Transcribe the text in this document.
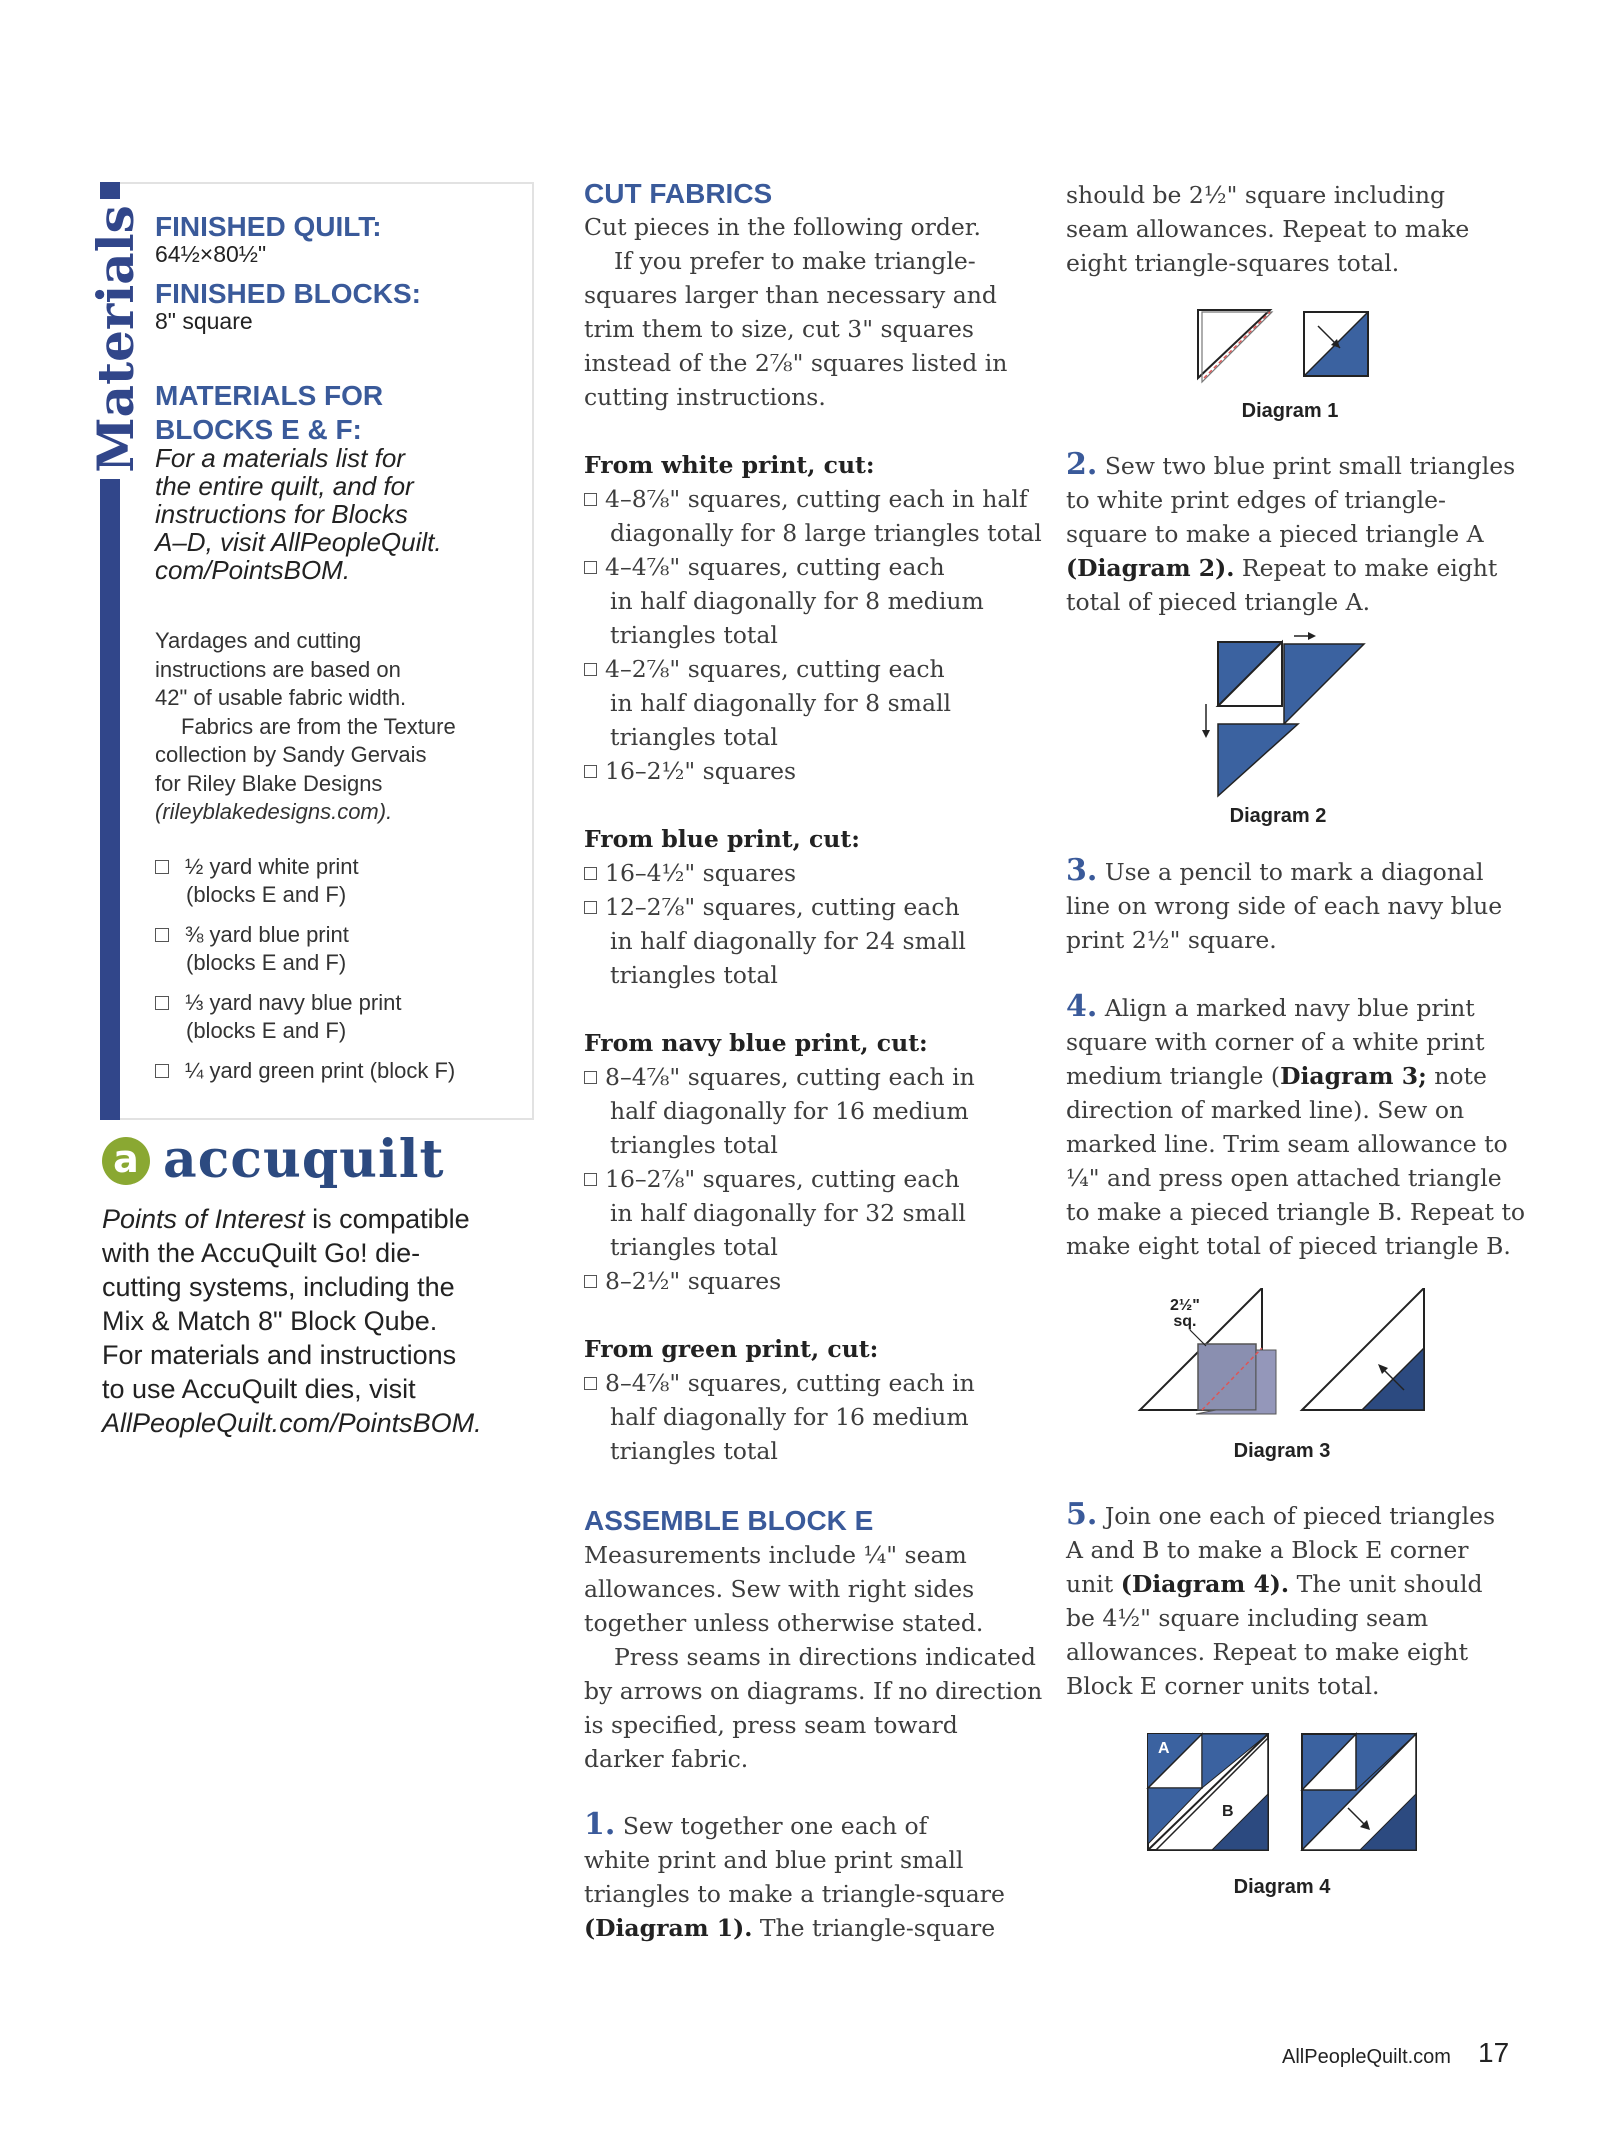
Materials FINISHED QUILT:
64½×80½"
FINISHED BLOCKS:
8" square
MATERIALS FOR
BLOCKS E & F:
For a materials list for
the entire quilt, and for
instructions for Blocks
A–D, visit AllPeopleQuilt.
com/PointsBOM.
Yardages and cutting
instructions are based on
42" of usable fabric width.
Fabrics are from the Texture
collection by Sandy Gervais
for Riley Blake Designs
(rileyblakedesigns.com).
½ yard white print
(blocks E and F)
⅜ yard blue print
(blocks E and F)
⅓ yard navy blue print
(blocks E and F)
¼ yard green print (block F)
a accuquilt
Points of Interest is compatible
with the AccuQuilt Go! die-
cutting systems, including the
Mix & Match 8" Block Qube.
For materials and instructions
to use AccuQuilt dies, visit
AllPeopleQuilt.com/PointsBOM.
CUT FABRICS
Cut pieces in the following order.
If you prefer to make triangle-
squares larger than necessary and
trim them to size, cut 3" squares
instead of the 2⅞" squares listed in
cutting instructions.
From white print, cut:
4–8⅞" squares, cutting each in half
diagonally for 8 large triangles total
4–4⅞" squares, cutting each
in half diagonally for 8 medium
triangles total
4–2⅞" squares, cutting each
in half diagonally for 8 small
triangles total
16–2½" squares
From blue print, cut:
16–4½" squares
12–2⅞" squares, cutting each
in half diagonally for 24 small
triangles total
From navy blue print, cut:
8–4⅞" squares, cutting each in
half diagonally for 16 medium
triangles total
16–2⅞" squares, cutting each
in half diagonally for 32 small
triangles total
8–2½" squares
From green print, cut:
8–4⅞" squares, cutting each in
half diagonally for 16 medium
triangles total
ASSEMBLE BLOCK E
Measurements include ¼" seam
allowances. Sew with right sides
together unless otherwise stated.
Press seams in directions indicated
by arrows on diagrams. If no direction
is specified, press seam toward
darker fabric.
1. Sew together one each of
white print and blue print small
triangles to make a triangle-square
(Diagram 1). The triangle-square
should be 2½" square including
seam allowances. Repeat to make
eight triangle-squares total.
Diagram 1
2. Sew two blue print small triangles
to white print edges of triangle-
square to make a pieced triangle A
(Diagram 2). Repeat to make eight
total of pieced triangle A.
Diagram 2
3. Use a pencil to mark a diagonal
line on wrong side of each navy blue
print 2½" square.
4. Align a marked navy blue print
square with corner of a white print
medium triangle (Diagram 3; note
direction of marked line). Sew on
marked line. Trim seam allowance to
¼" and press open attached triangle
to make a pieced triangle B. Repeat to
make eight total of pieced triangle B.
2½"
sq.
Diagram 3
5. Join one each of pieced triangles
A and B to make a Block E corner
unit (Diagram 4). The unit should
be 4½" square including seam
allowances. Repeat to make eight
Block E corner units total.
A
B
Diagram 4
AllPeopleQuilt.com 17
